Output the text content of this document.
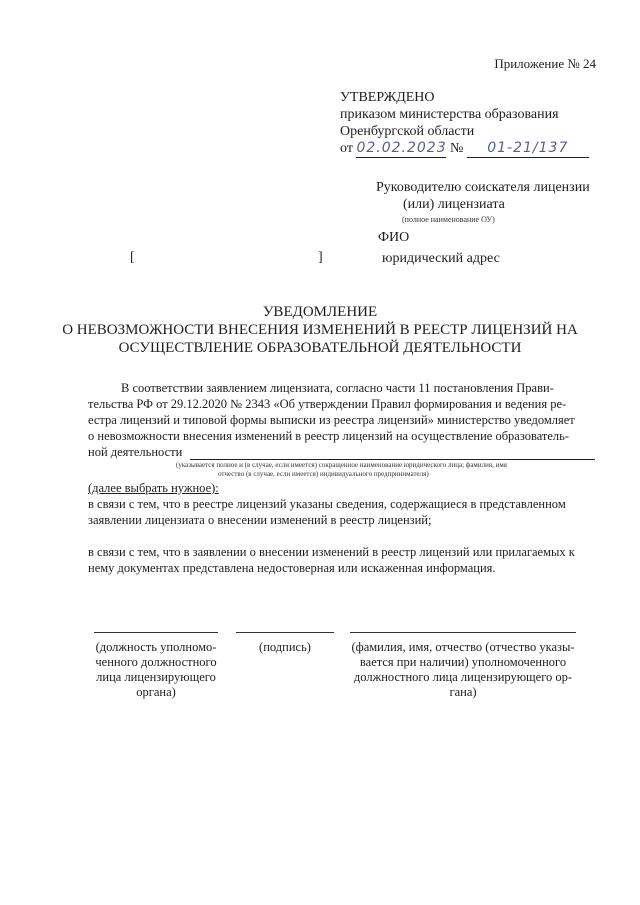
Приложение № 24
УТВЕРЖДЕНО
приказом министерства образования
Оренбургской области
от 02.02.2023 № 01-21/137
Руководителю соискателя лицензии
(или) лицензиата
(полное наименование ОУ)
ФИО
[	]	юридический адрес
УВЕДОМЛЕНИЕ
О НЕВОЗМОЖНОСТИ ВНЕСЕНИЯ ИЗМЕНЕНИЙ В РЕЕСТР ЛИЦЕНЗИЙ НА
ОСУЩЕСТВЛЕНИЕ ОБРАЗОВАТЕЛЬНОЙ ДЕЯТЕЛЬНОСТИ
В соответствии заявлением лицензиата, согласно части 11 постановления Прави-
тельства РФ от 29.12.2020 № 2343 «Об утверждении Правил формирования и ведения ре-
естра лицензий и типовой формы выписки из реестра лицензий» министерство уведомляет
о невозможности внесения изменений в реестр лицензий на осуществление образователь-
ной деятельности
(указывается полное и (в случае, если имеется) сокращенное наименование юридического лица; фамилия, имя
отчество (в случае, если имеется) индивидуального предпринимателя)
(далее выбрать нужное):
в связи с тем, что в реестре лицензий указаны сведения, содержащиеся в представленном
заявлении лицензиата о внесении изменений в реестр лицензий;
в связи с тем, что в заявлении о внесении изменений в реестр лицензий или прилагаемых к
нему документах представлена недостоверная или искаженная информация.
(должность уполномо-
ченного должностного
лица лицензирующего
органа)
(подпись)	(фамилия, имя, отчество (отчество указы-
вается при наличии) уполномоченного
должностного лица лицензирующего ор-
гана)
